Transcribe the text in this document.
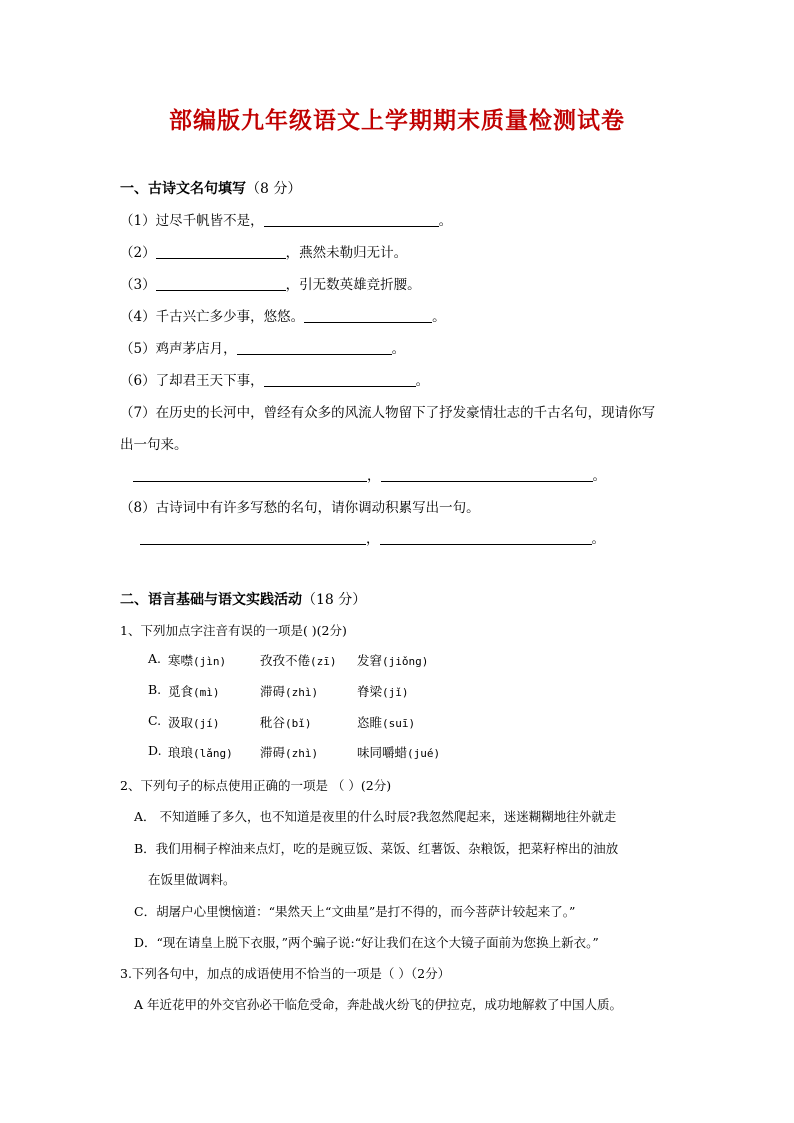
部编版九年级语文上学期期末质量检测试卷
一、古诗文名句填写（8 分）
（1）过尽千帆皆不是，	。
（2）	，燕然未勒归无计。
（3）	，引无数英雄竞折腰。
（4）千古兴亡多少事，悠悠。	。
（5）鸡声茅店月，	。
（6）了却君王天下事，	。
（7）在历史的长河中，曾经有众多的风流人物留下了抒发豪情壮志的千古名句，现请你写
出一句来。
，	。
（8）古诗词中有许多写愁的名句，请你调动积累写出一句。
，	。
二、语言基础与语文实践活动（18 分）
1、下列加点字注音有误的一项是( )(2分)
A. 寒噤(jìn)	孜孜不倦(zī) 发窘(jiǒng)
B. 觅食(mì)	滞碍(zhì)	脊梁(jǐ)
C. 汲取(jí)	秕谷(bǐ)	恣睢(suī)
D. 琅琅(lǎng) 滞碍(zhì)	味同嚼蜡(jué)
2、下列句子的标点使用正确的一项是 （ ）(2分)
A． 不知道睡了多久，也不知道是夜里的什么时辰?我忽然爬起来，迷迷糊糊地往外就走
B．我们用桐子榨油来点灯，吃的是豌豆饭、菜饭、红薯饭、杂粮饭，把菜籽榨出的油放
在饭里做调料。
C．胡屠户心里懊恼道：“果然天上“文曲星”是打不得的，而今菩萨计较起来了。”
D．“现在请皇上脱下衣服，”两个骗子说:“好让我们在这个大镜子面前为您换上新衣。”
3.下列各句中，加点的成语使用不恰当的一项是（ ）（2分）
A 年近花甲的外交官孙必干临危受命，奔赴战火纷飞的伊拉克，成功地解救了中国人质。
